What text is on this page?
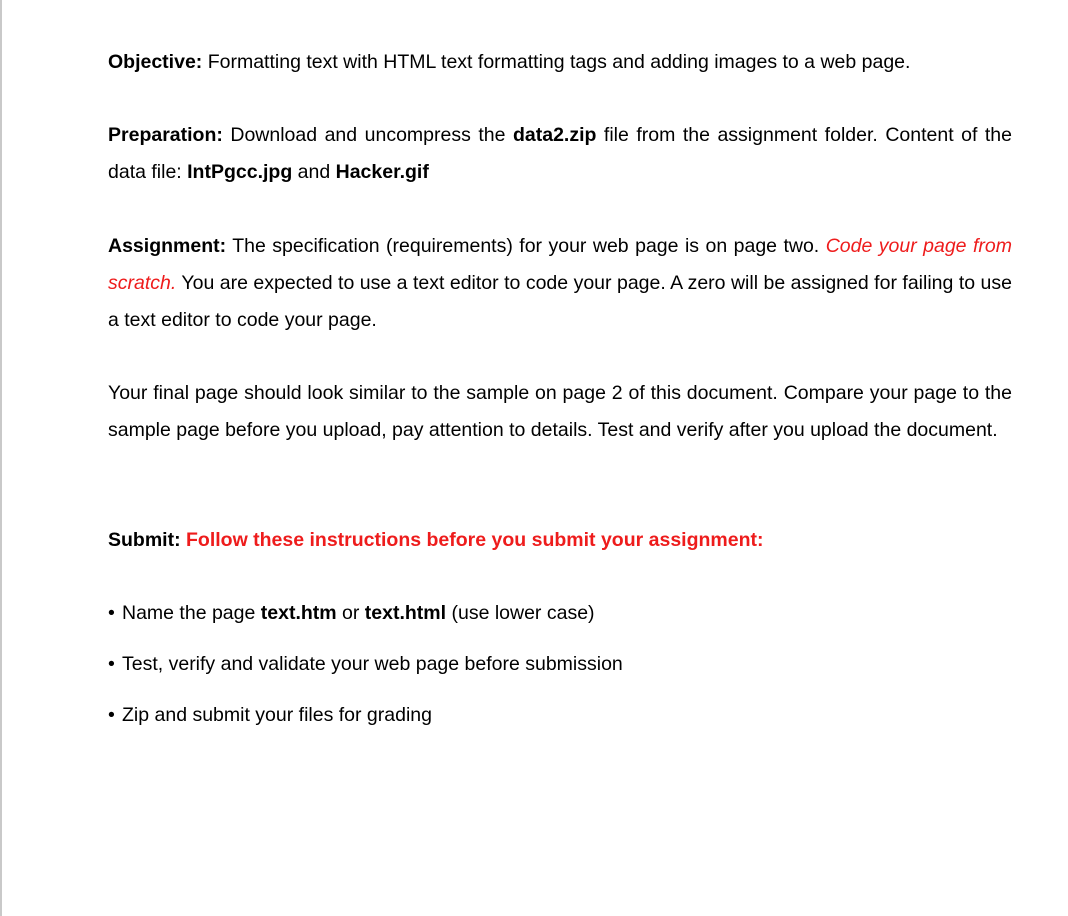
Objective: Formatting text with HTML text formatting tags and adding images to a web page.

Preparation: Download and uncompress the data2.zip file from the assignment folder. Content of the data file: IntPgcc.jpg and Hacker.gif

Assignment: The specification (requirements) for your web page is on page two. Code your page from scratch. You are expected to use a text editor to code your page. A zero will be assigned for failing to use a text editor to code your page.

Your final page should look similar to the sample on page 2 of this document. Compare your page to the sample page before you upload, pay attention to details. Test and verify after you upload the document.

Submit: Follow these instructions before you submit your assignment:

• Name the page text.htm or text.html (use lower case)
• Test, verify and validate your web page before submission
• Zip and submit your files for grading
